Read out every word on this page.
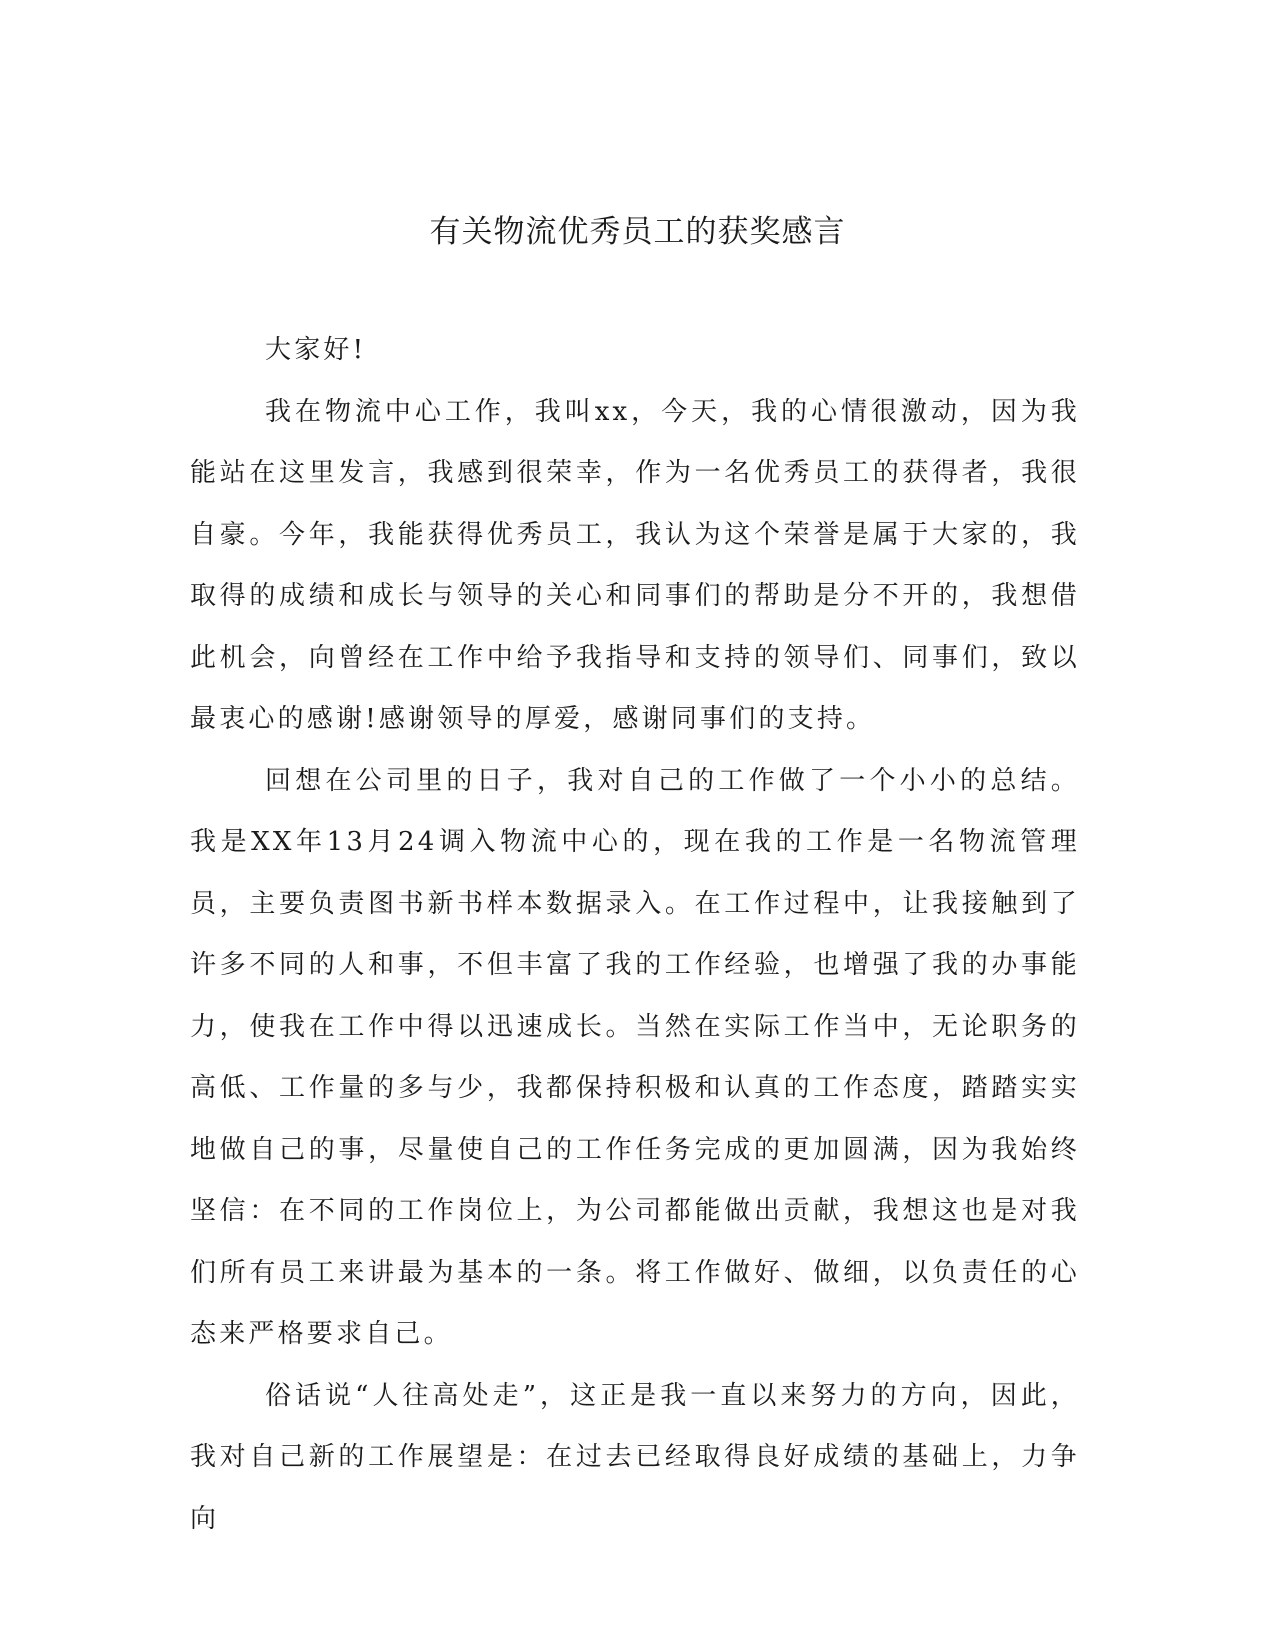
有关物流优秀员工的获奖感言

大家好!

我在物流中心工作，我叫xx，今天，我的心情很激动，因为我能站在这里发言，我感到很荣幸，作为一名优秀员工的获得者，我很自豪。今年，我能获得优秀员工，我认为这个荣誉是属于大家的，我取得的成绩和成长与领导的关心和同事们的帮助是分不开的，我想借此机会，向曾经在工作中给予我指导和支持的领导们、同事们，致以最衷心的感谢!感谢领导的厚爱，感谢同事们的支持。

回想在公司里的日子，我对自己的工作做了一个小小的总结。我是XX年13月24调入物流中心的，现在我的工作是一名物流管理员，主要负责图书新书样本数据录入。在工作过程中，让我接触到了许多不同的人和事，不但丰富了我的工作经验，也增强了我的办事能力，使我在工作中得以迅速成长。当然在实际工作当中，无论职务的高低、工作量的多与少，我都保持积极和认真的工作态度，踏踏实实地做自己的事，尽量使自己的工作任务完成的更加圆满，因为我始终坚信：在不同的工作岗位上，为公司都能做出贡献，我想这也是对我们所有员工来讲最为基本的一条。将工作做好、做细，以负责任的心态来严格要求自己。

俗话说“人往高处走”，这正是我一直以来努力的方向，因此，我对自己新的工作展望是：在过去已经取得良好成绩的基础上，力争向
